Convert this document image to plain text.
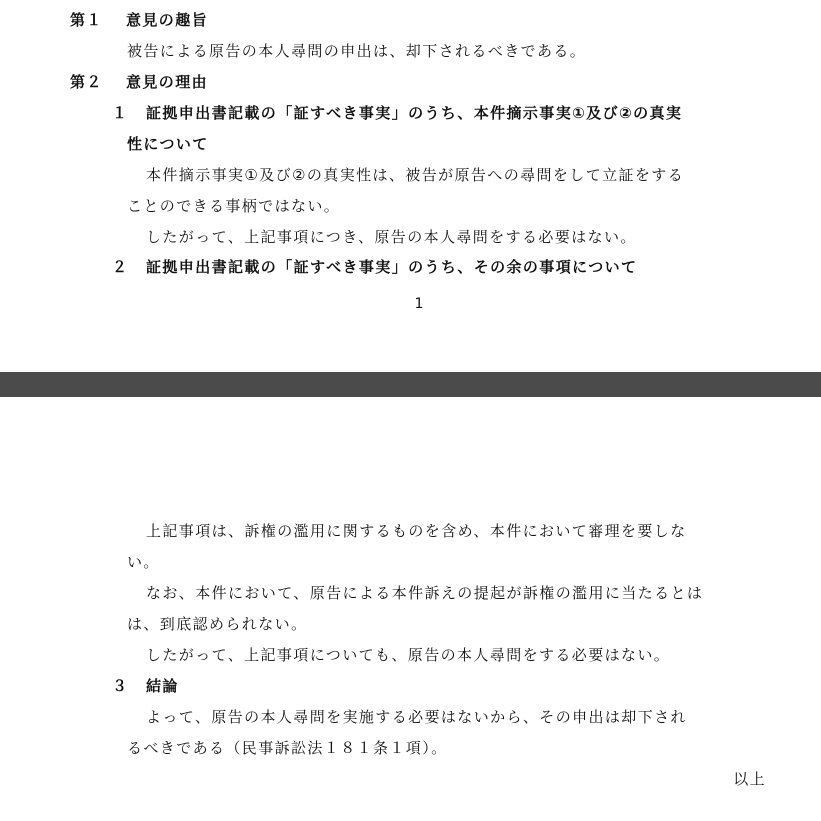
第１ 意見の趣旨
被告による原告の本人尋問の申出は、却下されるべきである。
第２ 意見の理由
１ 証拠申出書記載の「証すべき事実」のうち、本件摘示事実①及び②の真実
性について
本件摘示事実①及び②の真実性は、被告が原告への尋問をして立証をする
ことのできる事柄ではない。
したがって、上記事項につき、原告の本人尋問をする必要はない。
２ 証拠申出書記載の「証すべき事実」のうち、その余の事項について
1
上記事項は、訴権の濫用に関するものを含め、本件において審理を要しな
い。
なお、本件において、原告による本件訴えの提起が訴権の濫用に当たるとは
は、到底認められない。
したがって、上記事項についても、原告の本人尋問をする必要はない。
３ 結論
よって、原告の本人尋問を実施する必要はないから、その申出は却下され
るべきである（民事訴訟法１８１条１項）。
以上
